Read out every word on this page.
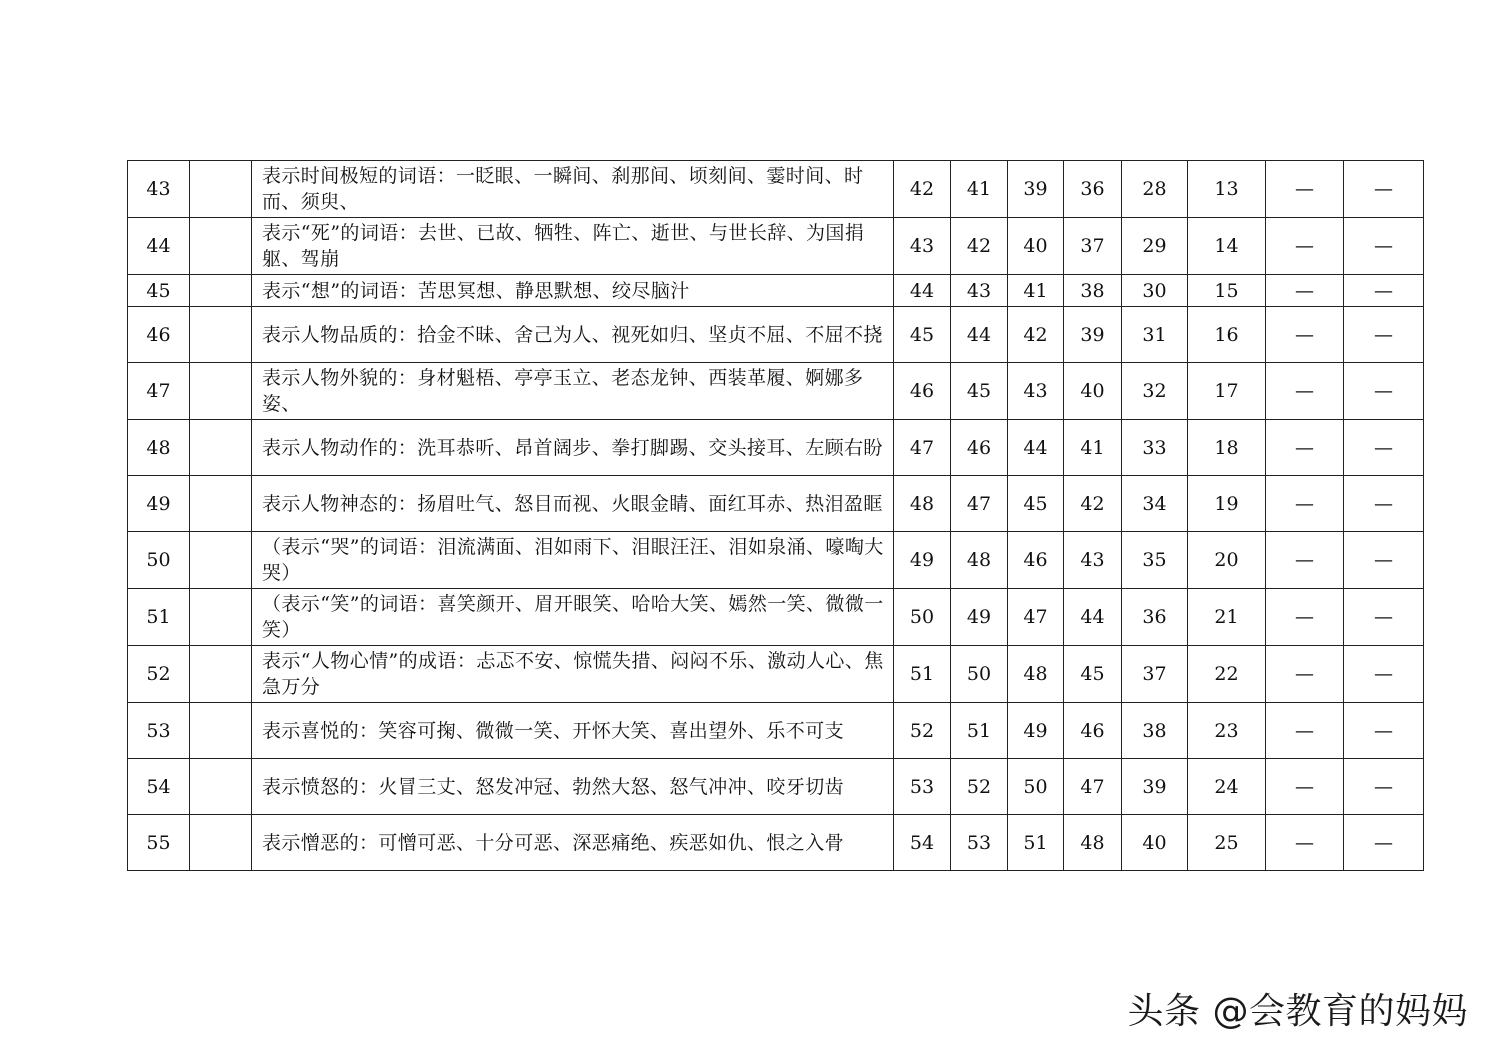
43		表示时间极短的词语：一眨眼、一瞬间、刹那间、顷刻间、霎时间、时而、须臾、	42	41	39	36	28	13	—	—
44		表示“死”的词语：去世、已故、牺牲、阵亡、逝世、与世长辞、为国捐躯、驾崩	43	42	40	37	29	14	—	—
45		表示“想”的词语：苦思冥想、静思默想、绞尽脑汁	44	43	41	38	30	15	—	—
46		表示人物品质的：拾金不昧、舍己为人、视死如归、坚贞不屈、不屈不挠	45	44	42	39	31	16	—	—
47		表示人物外貌的：身材魁梧、亭亭玉立、老态龙钟、西装革履、婀娜多姿、	46	45	43	40	32	17	—	—
48		表示人物动作的：洗耳恭听、昂首阔步、拳打脚踢、交头接耳、左顾右盼	47	46	44	41	33	18	—	—
49		表示人物神态的：扬眉吐气、怒目而视、火眼金睛、面红耳赤、热泪盈眶	48	47	45	42	34	19	—	—
50		（表示“哭”的词语：泪流满面、泪如雨下、泪眼汪汪、泪如泉涌、嚎啕大哭）	49	48	46	43	35	20	—	—
51		（表示“笑”的词语：喜笑颜开、眉开眼笑、哈哈大笑、嫣然一笑、微微一笑）	50	49	47	44	36	21	—	—
52		表示“人物心情”的成语：忐忑不安、惊慌失措、闷闷不乐、激动人心、焦急万分	51	50	48	45	37	22	—	—
53		表示喜悦的：笑容可掬、微微一笑、开怀大笑、喜出望外、乐不可支	52	51	49	46	38	23	—	—
54		表示愤怒的：火冒三丈、怒发冲冠、勃然大怒、怒气冲冲、咬牙切齿	53	52	50	47	39	24	—	—
55		表示憎恶的：可憎可恶、十分可恶、深恶痛绝、疾恶如仇、恨之入骨	54	53	51	48	40	25	—	—
头条 @会教育的妈妈
